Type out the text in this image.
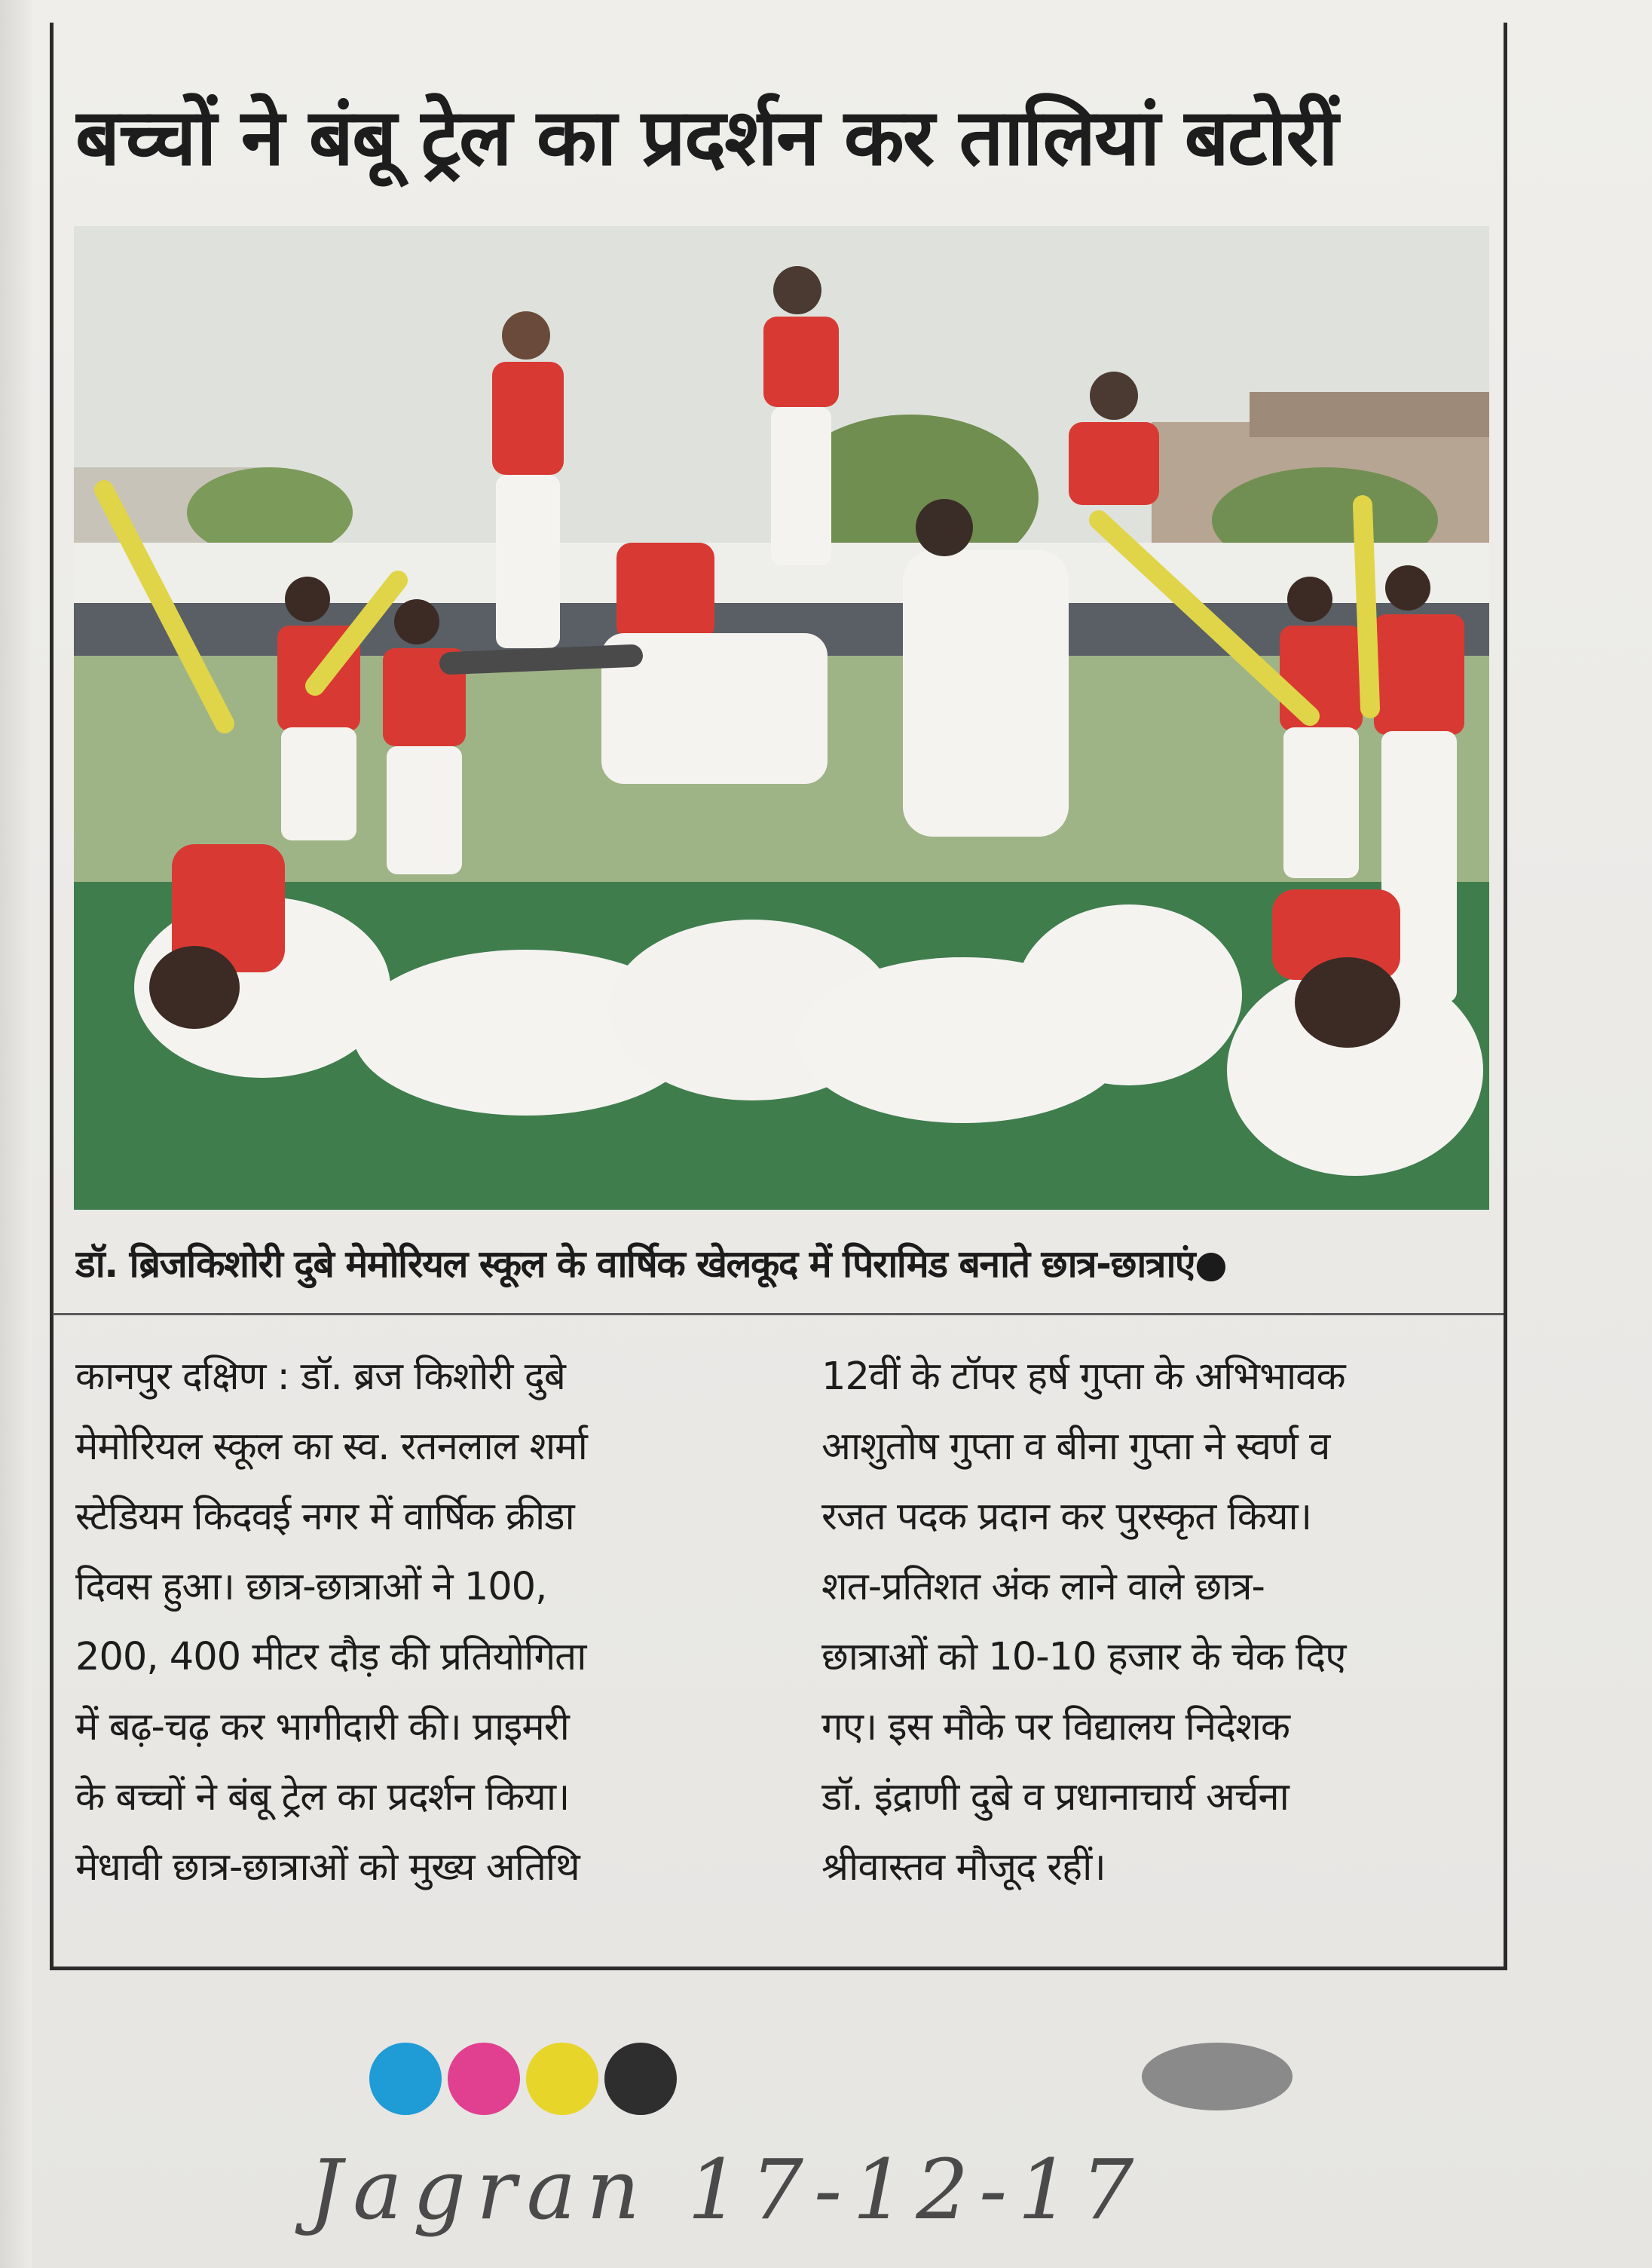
बच्चों ने बंबू ट्रेल का प्रदर्शन कर तालियां बटोरीं

डॉ. ब्रिजकिशोरी दुबे मेमोरियल स्कूल के वार्षिक खेलकूद में पिरामिड बनाते छात्र-छात्राएं●

कानपुर दक्षिण : डॉ. ब्रज किशोरी दुबे
मेमोरियल स्कूल का स्व. रतनलाल शर्मा
स्टेडियम किदवई नगर में वार्षिक क्रीडा
दिवस हुआ। छात्र-छात्राओं ने 100,
200, 400 मीटर दौड़ की प्रतियोगिता
में बढ़-चढ़ कर भागीदारी की। प्राइमरी
के बच्चों ने बंबू ट्रेल का प्रदर्शन किया।
मेधावी छात्र-छात्राओं को मुख्य अतिथि
12वीं के टॉपर हर्ष गुप्ता के अभिभावक
आशुतोष गुप्ता व बीना गुप्ता ने स्वर्ण व
रजत पदक प्रदान कर पुरस्कृत किया।
शत-प्रतिशत अंक लाने वाले छात्र-
छात्राओं को 10-10 हजार के चेक दिए
गए। इस मौके पर विद्यालय निदेशक
डॉ. इंद्राणी दुबे व प्रधानाचार्य अर्चना
श्रीवास्तव मौजूद रहीं।
Jagran 17-12-17
